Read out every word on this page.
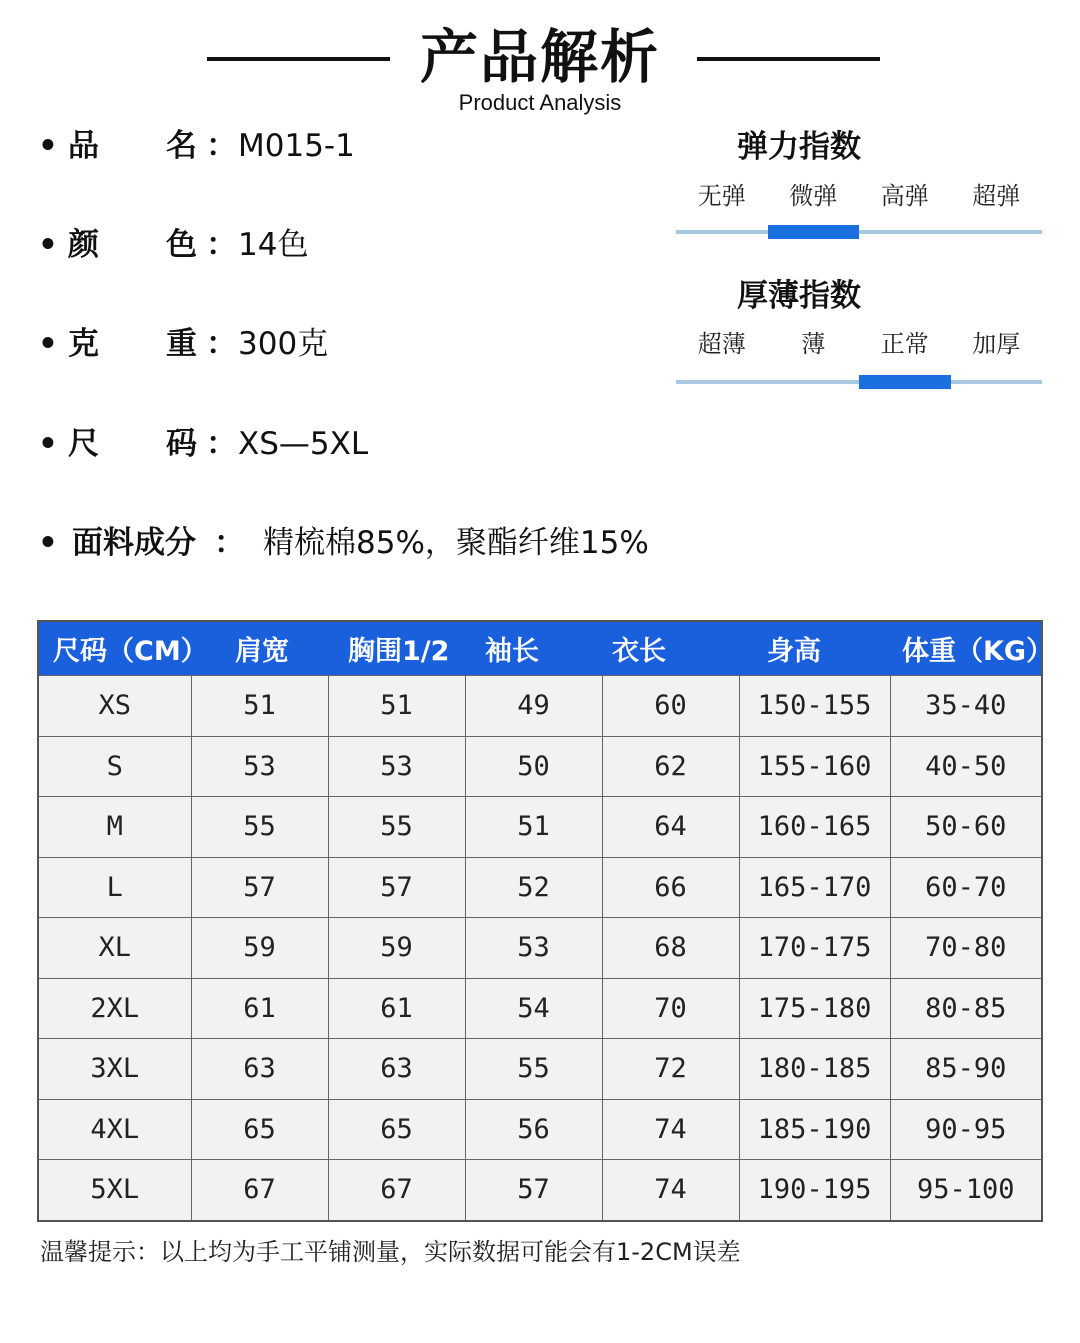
产品解析
Product Analysis
• 品 名 ： M015-1
• 颜 色 ： 14色
• 克 重 ： 300克
• 尺 码 ： XS—5XL
• 面料成分 ： 精梳棉85%，聚酯纤维15%
弹力指数
无弹	微弹	高弹	超弹
厚薄指数
超薄	薄	正常	加厚
尺码（CM）	肩宽	胸围1/2	袖长	衣长	身高	体重（KG）
XS	51	51	49	60	150-155	35-40
S	53	53	50	62	155-160	40-50
M	55	55	51	64	160-165	50-60
L	57	57	52	66	165-170	60-70
XL	59	59	53	68	170-175	70-80
2XL	61	61	54	70	175-180	80-85
3XL	63	63	55	72	180-185	85-90
4XL	65	65	56	74	185-190	90-95
5XL	67	67	57	74	190-195	95-100
温馨提示：以上均为手工平铺测量，实际数据可能会有1-2CM误差
